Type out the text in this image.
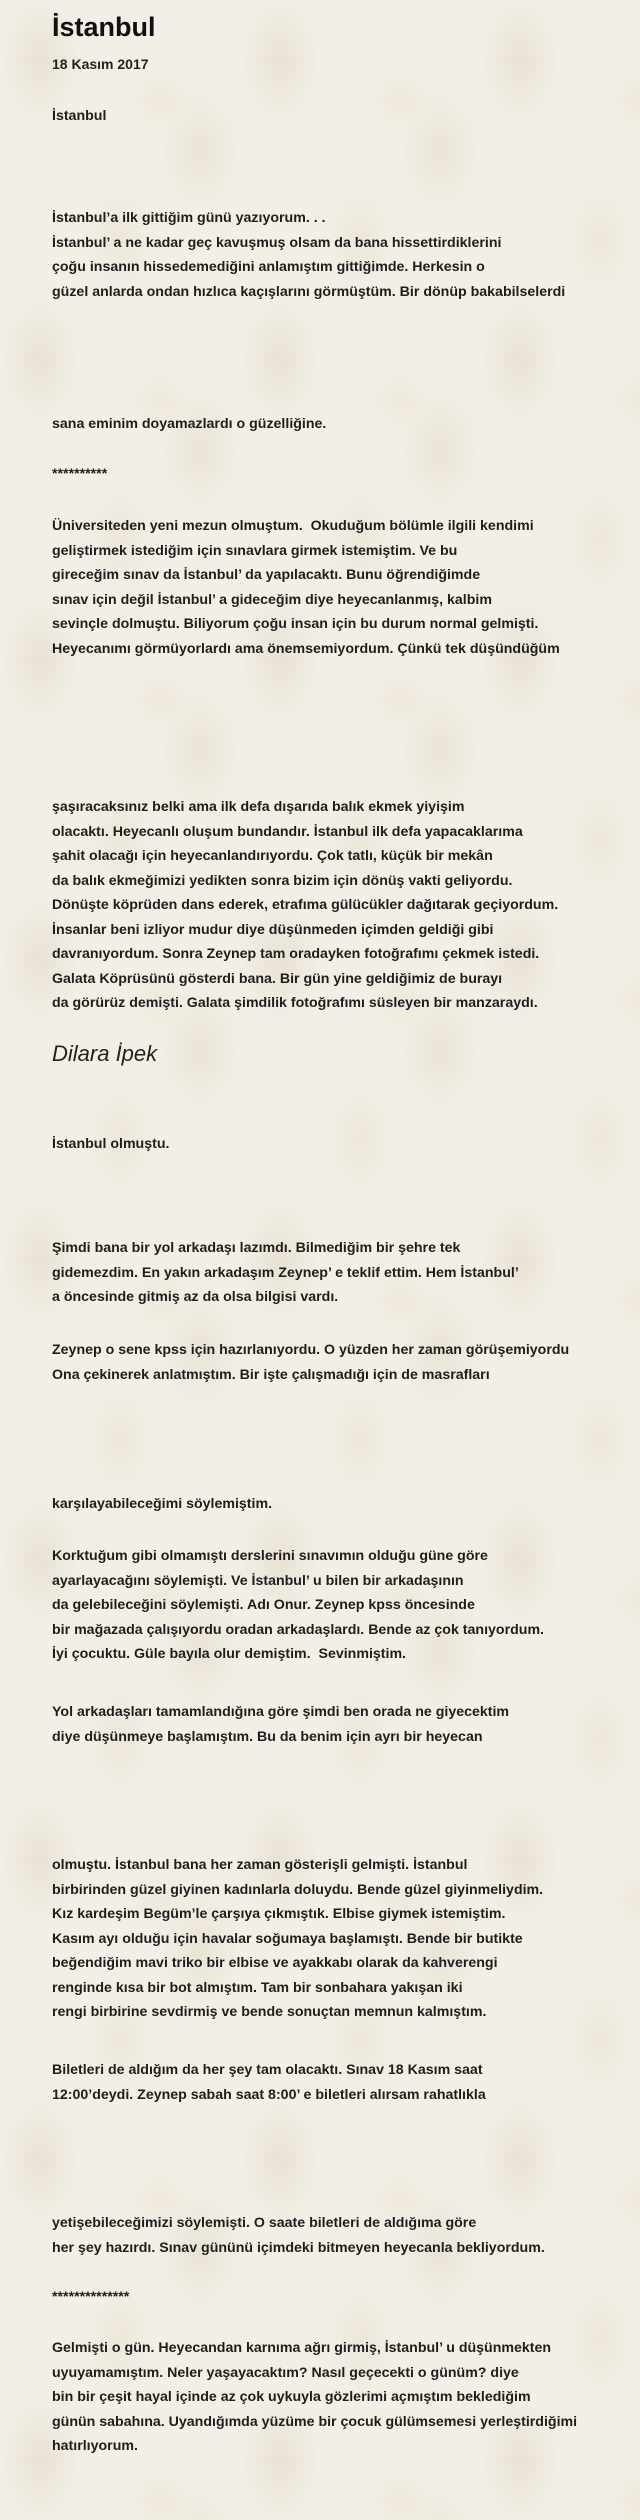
İstanbul
18 Kasım 2017

İstanbul

İstanbul’a ilk gittiğim günü yazıyorum. . .
İstanbul’ a ne kadar geç kavuşmuş olsam da bana hissettirdiklerini
çoğu insanın hissedemediğini anlamıştım gittiğimde. Herkesin o
güzel anlarda ondan hızlıca kaçışlarını görmüştüm. Bir dönüp bakabilselerdi

sana eminim doyamazlardı o güzelliğine.

**********

Üniversiteden yeni mezun olmuştum.  Okuduğum bölümle ilgili kendimi
geliştirmek istediğim için sınavlara girmek istemiştim. Ve bu
gireceğim sınav da İstanbul’ da yapılacaktı. Bunu öğrendiğimde
sınav için değil İstanbul’ a gideceğim diye heyecanlanmış, kalbim
sevinçle dolmuştu. Biliyorum çoğu insan için bu durum normal gelmişti.
Heyecanımı görmüyorlardı ama önemsemiyordum. Çünkü tek düşündüğüm

şaşıracaksınız belki ama ilk defa dışarıda balık ekmek yiyişim
olacaktı. Heyecanlı oluşum bundandır. İstanbul ilk defa yapacaklarıma
şahit olacağı için heyecanlandırıyordu. Çok tatlı, küçük bir mekân
da balık ekmeğimizi yedikten sonra bizim için dönüş vakti geliyordu.
Dönüşte köprüden dans ederek, etrafıma gülücükler dağıtarak geçiyordum.
İnsanlar beni izliyor mudur diye düşünmeden içimden geldiği gibi
davranıyordum. Sonra Zeynep tam oradayken fotoğrafımı çekmek istedi.
Galata Köprüsünü gösterdi bana. Bir gün yine geldiğimiz de burayı
da görürüz demişti. Galata şimdilik fotoğrafımı süsleyen bir manzaraydı.

Dilara İpek

İstanbul olmuştu.

Şimdi bana bir yol arkadaşı lazımdı. Bilmediğim bir şehre tek
gidemezdim. En yakın arkadaşım Zeynep’ e teklif ettim. Hem İstanbul’
a öncesinde gitmiş az da olsa bilgisi vardı.

Zeynep o sene kpss için hazırlanıyordu. O yüzden her zaman görüşemiyordu
Ona çekinerek anlatmıştım. Bir işte çalışmadığı için de masrafları

karşılayabileceğimi söylemiştim.

Korktuğum gibi olmamıştı derslerini sınavımın olduğu güne göre
ayarlayacağını söylemişti. Ve İstanbul’ u bilen bir arkadaşının
da gelebileceğini söylemişti. Adı Onur. Zeynep kpss öncesinde
bir mağazada çalışıyordu oradan arkadaşlardı. Bende az çok tanıyordum.
İyi çocuktu. Güle bayıla olur demiştim.  Sevinmiştim.

Yol arkadaşları tamamlandığına göre şimdi ben orada ne giyecektim
diye düşünmeye başlamıştım. Bu da benim için ayrı bir heyecan

olmuştu. İstanbul bana her zaman gösterişli gelmişti. İstanbul
birbirinden güzel giyinen kadınlarla doluydu. Bende güzel giyinmeliydim.
Kız kardeşim Begüm’le çarşıya çıkmıştık. Elbise giymek istemiştim.
Kasım ayı olduğu için havalar soğumaya başlamıştı. Bende bir butikte
beğendiğim mavi triko bir elbise ve ayakkabı olarak da kahverengi
renginde kısa bir bot almıştım. Tam bir sonbahara yakışan iki
rengi birbirine sevdirmiş ve bende sonuçtan memnun kalmıştım.

Biletleri de aldığım da her şey tam olacaktı. Sınav 18 Kasım saat
12:00’deydi. Zeynep sabah saat 8:00’ e biletleri alırsam rahatlıkla

yetişebileceğimizi söylemişti. O saate biletleri de aldığıma göre
her şey hazırdı. Sınav gününü içimdeki bitmeyen heyecanla bekliyordum.

**************

Gelmişti o gün. Heyecandan karnıma ağrı girmiş, İstanbul’ u düşünmekten
uyuyamamıştım. Neler yaşayacaktım? Nasıl geçecekti o günüm? diye
bin bir çeşit hayal içinde az çok uykuyla gözlerimi açmıştım beklediğim
günün sabahına. Uyandığımda yüzüme bir çocuk gülümsemesi yerleştirdiğimi
hatırlıyorum.
